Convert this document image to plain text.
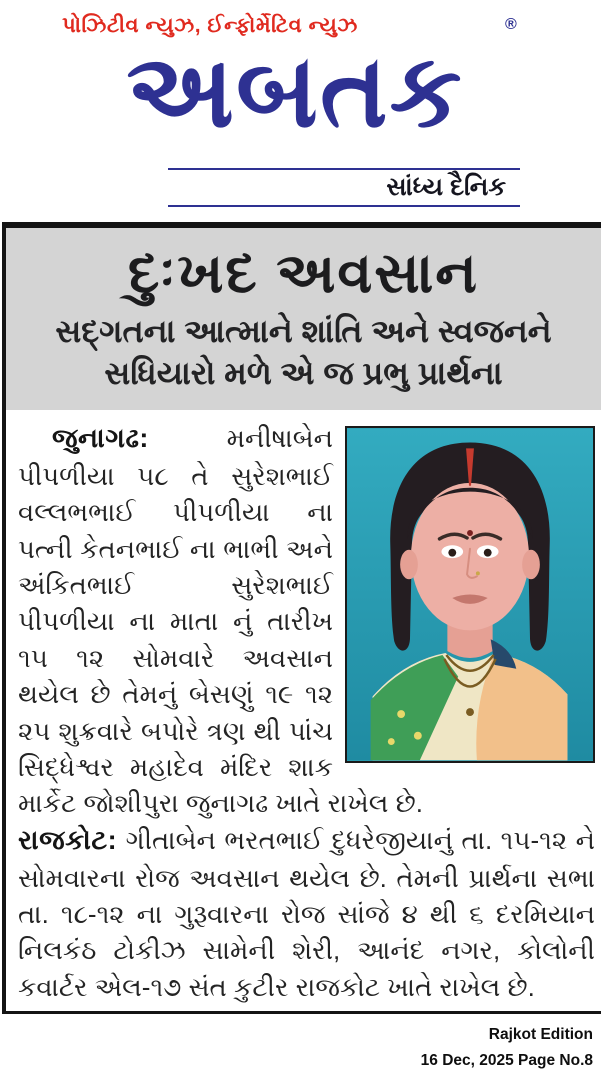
પોઝિટીવ ન્યુઝ, ઈન્ફોર્મેટિવ ન્યુઝ
અબતક
®
સાંધ્ય દૈનિક
દુઃખદ અવસાન
સદ્ગતના આત્માને શાંતિ અને સ્વજનને
સધિયારો મળે એ જ પ્રભુ પ્રાર્થના

જુનાગઢ:	મનીષાબેન પીપળીયા ૫૮ તે સુરેશભાઈ વલ્લભભાઈ પીપળીયા ના પત્ની કેતનભાઈ ના ભાભી અને અંકિતભાઈ સુરેશભાઈ પીપળીયા ના માતા નું તારીખ ૧૫ ૧૨ સોમવારે અવસાન થયેલ છે તેમનું બેસણું ૧૯ ૧૨ ૨૫ શુક્રવારે બપોરે ત્રણ થી પાંચ સિદ્ધેશ્વર મહાદેવ મંદિર શાક માર્કેટ જોશીપુરા જુનાગઢ ખાતે રાખેલ છે.

રાજકોટ: ગીતાબેન ભરતભાઈ દુધરેજીયાનું તા. ૧૫-૧૨ ને સોમવારના રોજ અવસાન થયેલ છે. તેમની પ્રાર્થના સભા તા. ૧૮-૧૨ ના ગુરૂવારના રોજ સાંજે ૪ થી ૬ દરમિયાન નિલકંઠ ટોકીઝ સામેની શેરી, આનંદ નગર, કોલોની કવાર્ટર એલ-૧૭ સંત કુટીર રાજકોટ ખાતે રાખેલ છે.

Rajkot Edition
16 Dec, 2025 Page No.8
